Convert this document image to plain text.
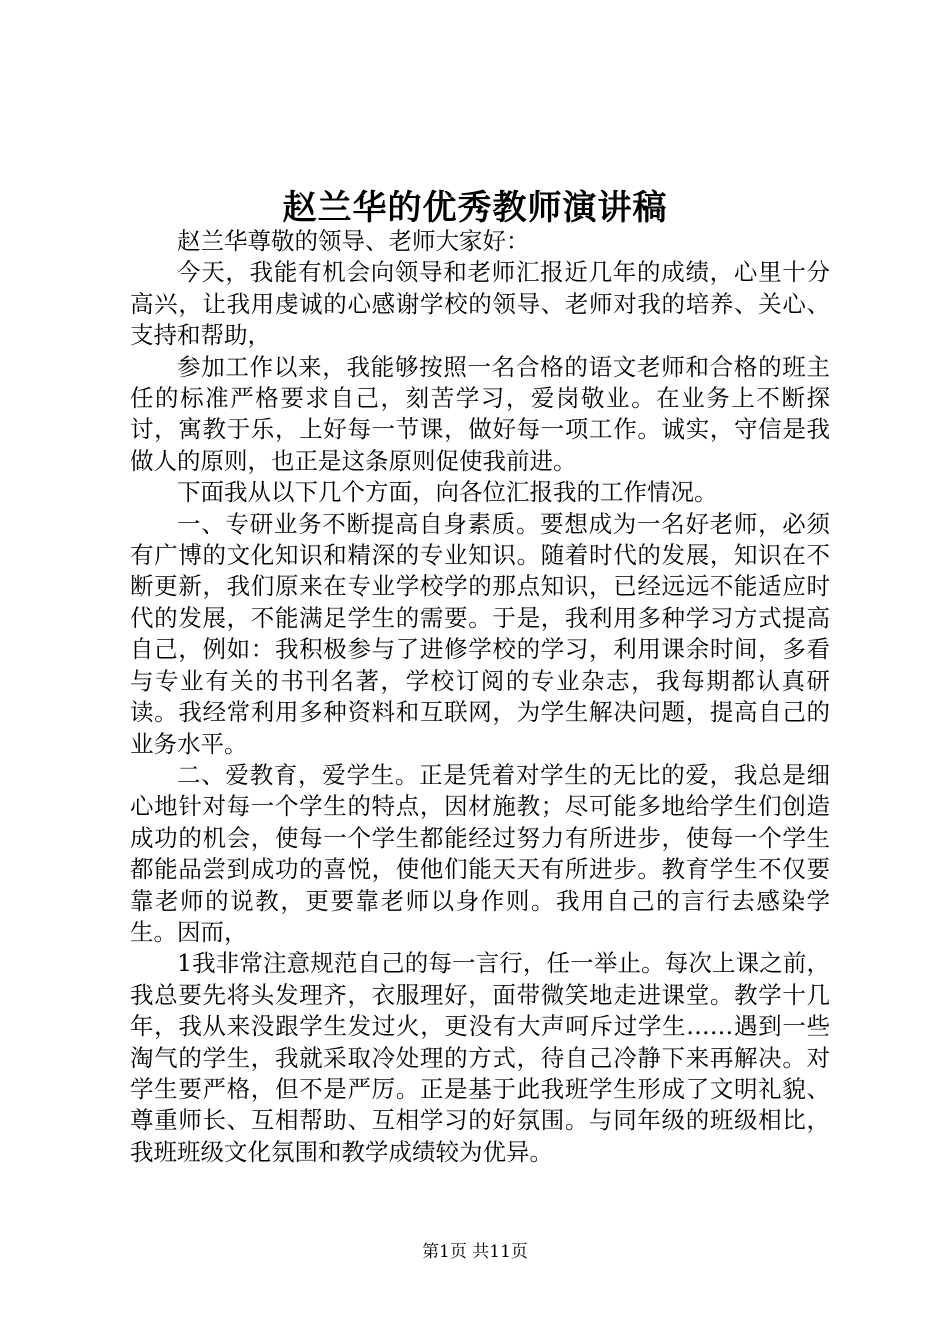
赵兰华的优秀教师演讲稿

赵兰华尊敬的领导、老师大家好：

今天，我能有机会向领导和老师汇报近几年的成绩，心里十分高兴，让我用虔诚的心感谢学校的领导、老师对我的培养、关心、支持和帮助，

参加工作以来，我能够按照一名合格的语文老师和合格的班主任的标准严格要求自己，刻苦学习，爱岗敬业。在业务上不断探讨，寓教于乐，上好每一节课，做好每一项工作。诚实，守信是我做人的原则，也正是这条原则促使我前进。

下面我从以下几个方面，向各位汇报我的工作情况。

一、专研业务不断提高自身素质。要想成为一名好老师，必须有广博的文化知识和精深的专业知识。随着时代的发展，知识在不断更新，我们原来在专业学校学的那点知识，已经远远不能适应时代的发展，不能满足学生的需要。于是，我利用多种学习方式提高自己，例如：我积极参与了进修学校的学习，利用课余时间，多看与专业有关的书刊名著，学校订阅的专业杂志，我每期都认真研读。我经常利用多种资料和互联网，为学生解决问题，提高自己的业务水平。

二、爱教育，爱学生。正是凭着对学生的无比的爱，我总是细心地针对每一个学生的特点，因材施教；尽可能多地给学生们创造成功的机会，使每一个学生都能经过努力有所进步，使每一个学生都能品尝到成功的喜悦，使他们能天天有所进步。教育学生不仅要靠老师的说教，更要靠老师以身作则。我用自己的言行去感染学生。因而，

1我非常注意规范自己的每一言行，任一举止。每次上课之前，我总要先将头发理齐，衣服理好，面带微笑地走进课堂。教学十几年，我从来没跟学生发过火，更没有大声呵斥过学生……遇到一些淘气的学生，我就采取冷处理的方式，待自己冷静下来再解决。对学生要严格，但不是严厉。正是基于此我班学生形成了文明礼貌、尊重师长、互相帮助、互相学习的好氛围。与同年级的班级相比，我班班级文化氛围和教学成绩较为优异。

第1页 共11页
